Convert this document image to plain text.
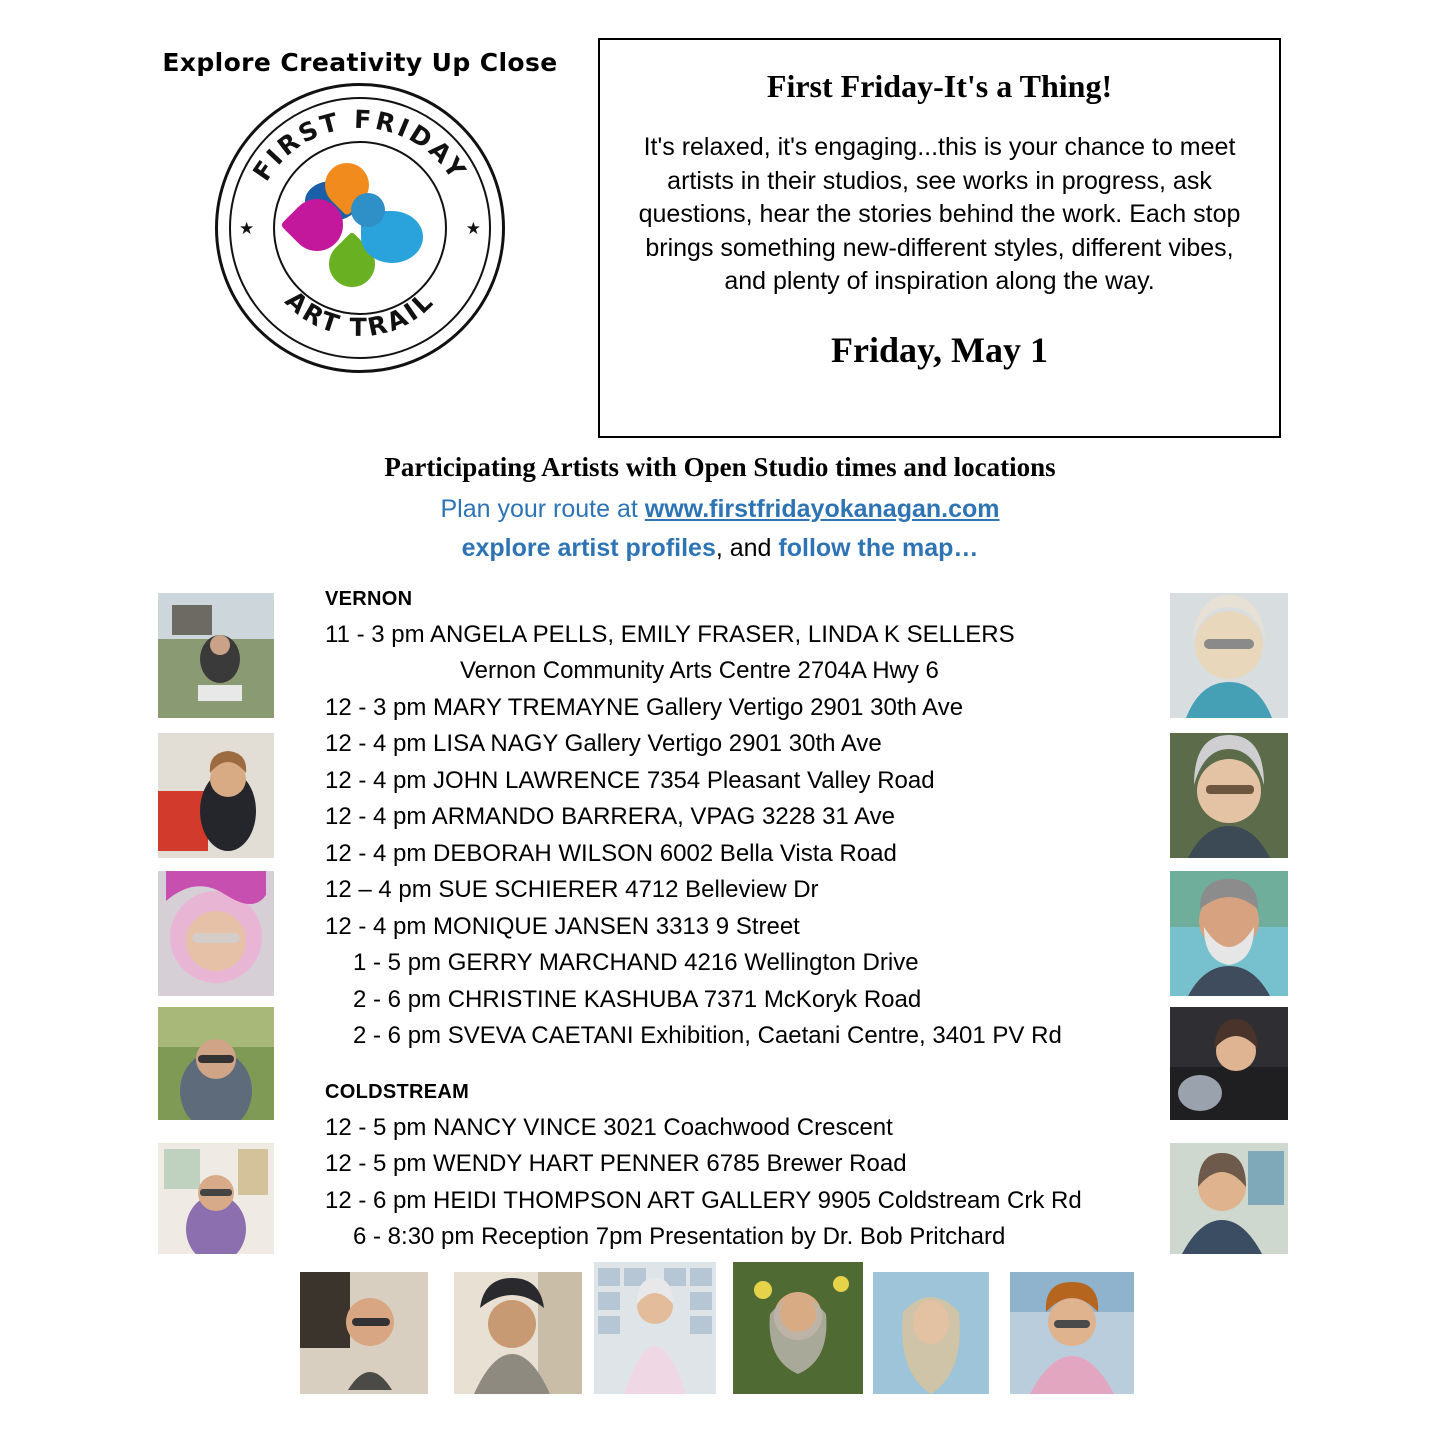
Explore Creativity Up Close
FIRST FRIDAY
ART TRAIL
★	★
First Friday-It's a Thing!
It's relaxed, it's engaging...this is your chance to meet artists in their studios, see works in progress, ask questions, hear the stories behind the work. Each stop brings something new-different styles, different vibes, and plenty of inspiration along the way.
Friday, May 1
Participating Artists with Open Studio times and locations
Plan your route at www.firstfridayokanagan.com
explore artist profiles, and follow the map…
VERNON
11 - 3 pm ANGELA PELLS, EMILY FRASER, LINDA K SELLERS
Vernon Community Arts Centre 2704A Hwy 6
12 - 3 pm MARY TREMAYNE Gallery Vertigo 2901 30th Ave
12 - 4 pm LISA NAGY Gallery Vertigo 2901 30th Ave
12 - 4 pm JOHN LAWRENCE 7354 Pleasant Valley Road
12 - 4 pm ARMANDO BARRERA, VPAG 3228 31 Ave
12 - 4 pm DEBORAH WILSON 6002 Bella Vista Road
12 – 4 pm SUE SCHIERER 4712 Belleview Dr
12 - 4 pm MONIQUE JANSEN 3313 9 Street
1 - 5 pm GERRY MARCHAND 4216 Wellington Drive
2 - 6 pm CHRISTINE KASHUBA 7371 McKoryk Road
2 - 6 pm SVEVA CAETANI Exhibition, Caetani Centre, 3401 PV Rd
COLDSTREAM
12 - 5 pm NANCY VINCE 3021 Coachwood Crescent
12 - 5 pm WENDY HART PENNER 6785 Brewer Road
12 - 6 pm HEIDI THOMPSON ART GALLERY 9905 Coldstream Crk Rd
6 - 8:30 pm Reception 7pm Presentation by Dr. Bob Pritchard
